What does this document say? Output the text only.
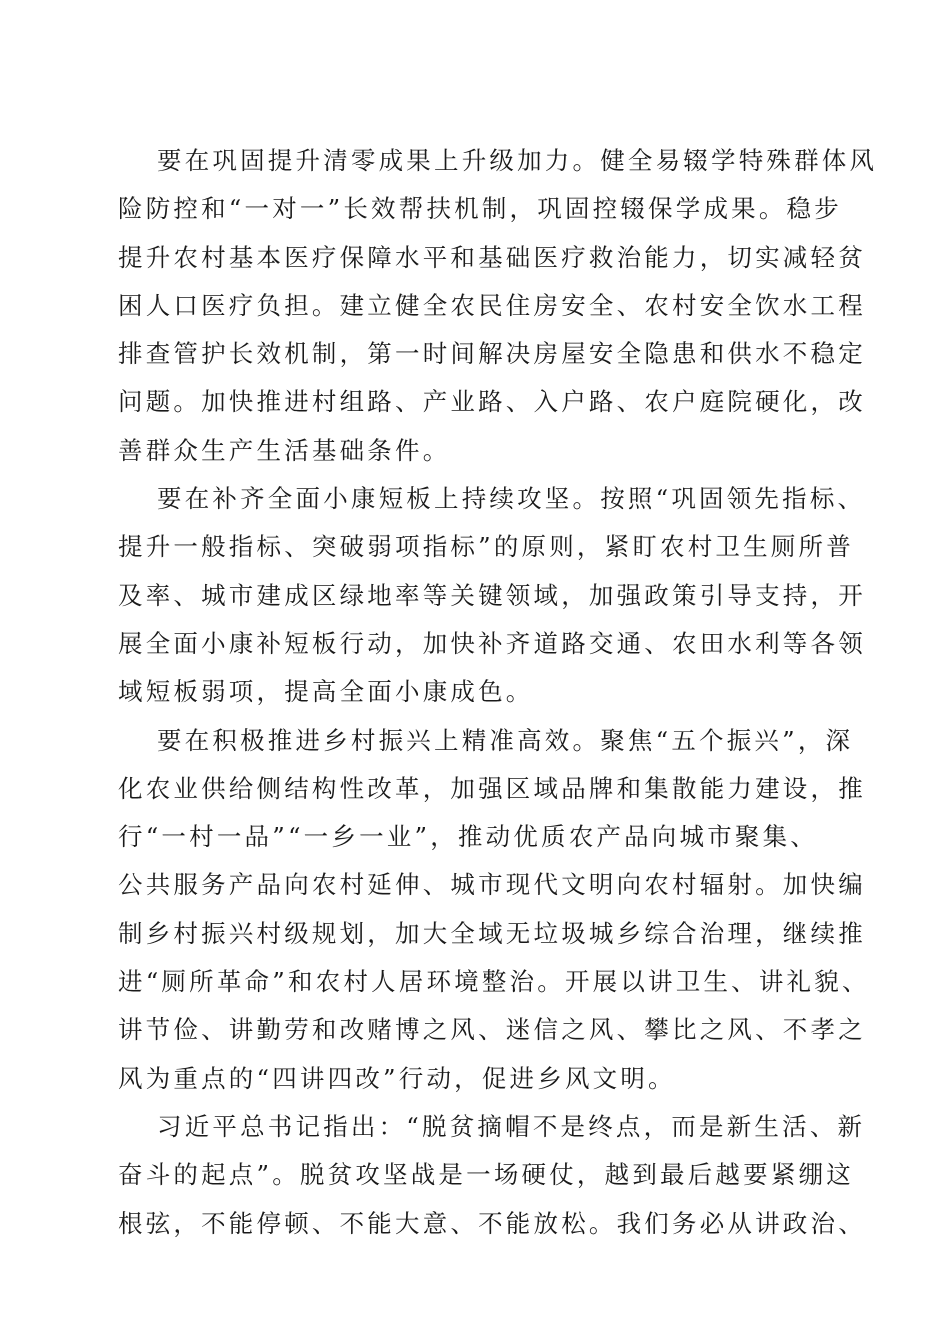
要在巩固提升清零成果上升级加力。健全易辍学特殊群体风
险防控和“一对一”长效帮扶机制，巩固控辍保学成果。稳步
提升农村基本医疗保障水平和基础医疗救治能力，切实减轻贫
困人口医疗负担。建立健全农民住房安全、农村安全饮水工程
排查管护长效机制，第一时间解决房屋安全隐患和供水不稳定
问题。加快推进村组路、产业路、入户路、农户庭院硬化，改
善群众生产生活基础条件。
要在补齐全面小康短板上持续攻坚。按照“巩固领先指标、
提升一般指标、突破弱项指标”的原则，紧盯农村卫生厕所普
及率、城市建成区绿地率等关键领域，加强政策引导支持，开
展全面小康补短板行动，加快补齐道路交通、农田水利等各领
域短板弱项，提高全面小康成色。
要在积极推进乡村振兴上精准高效。聚焦“五个振兴”，深
化农业供给侧结构性改革，加强区域品牌和集散能力建设，推
行“一村一品”“一乡一业”，推动优质农产品向城市聚集、
公共服务产品向农村延伸、城市现代文明向农村辐射。加快编
制乡村振兴村级规划，加大全域无垃圾城乡综合治理，继续推
进“厕所革命”和农村人居环境整治。开展以讲卫生、讲礼貌、
讲节俭、讲勤劳和改赌博之风、迷信之风、攀比之风、不孝之
风为重点的“四讲四改”行动，促进乡风文明。
习近平总书记指出：“脱贫摘帽不是终点，而是新生活、新
奋斗的起点”。脱贫攻坚战是一场硬仗，越到最后越要紧绷这
根弦，不能停顿、不能大意、不能放松。我们务必从讲政治、
